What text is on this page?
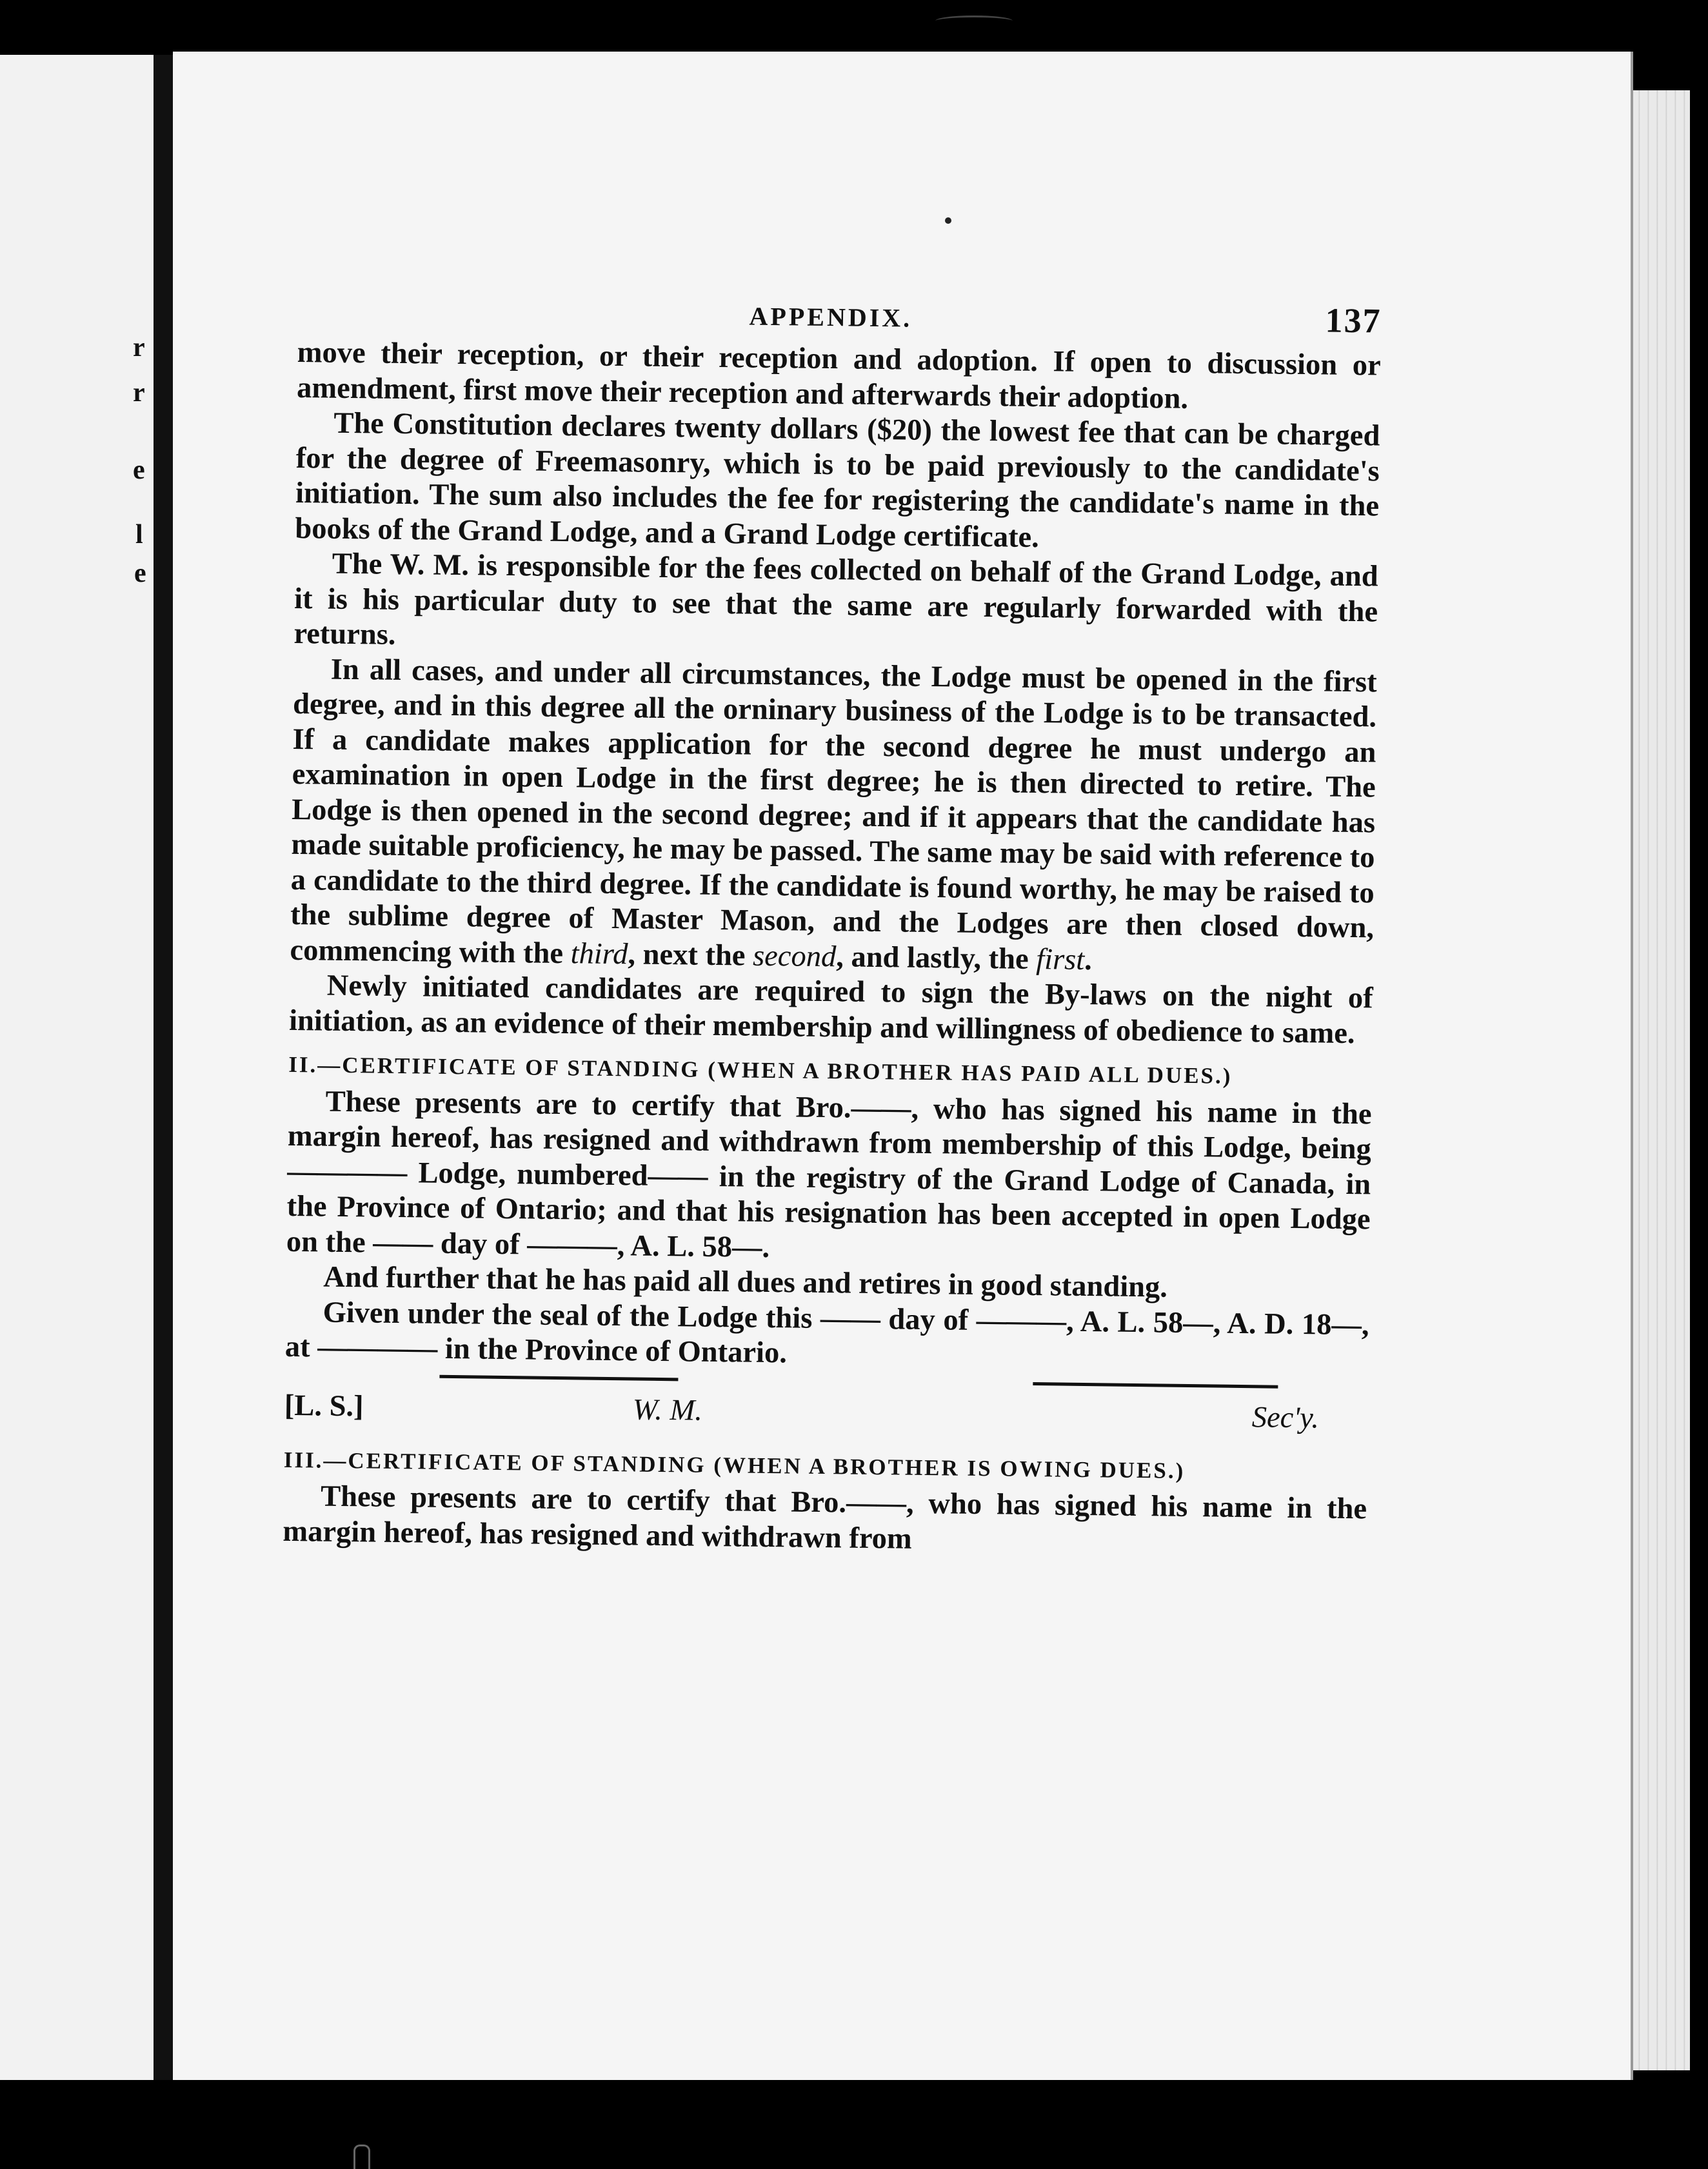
r
r
e
l
e
APPENDIX.	137

move their reception, or their reception and adoption. If open to discussion or amendment, first move their reception and afterwards their adoption.

The Constitution declares twenty dollars ($20) the lowest fee that can be charged for the degree of Freemasonry, which is to be paid previously to the candidate's initiation. The sum also includes the fee for registering the candidate's name in the books of the Grand Lodge, and a Grand Lodge certificate.

The W. M. is responsible for the fees collected on behalf of the Grand Lodge, and it is his particular duty to see that the same are regularly forwarded with the returns.

In all cases, and under all circumstances, the Lodge must be opened in the first degree, and in this degree all the orninary business of the Lodge is to be transacted. If a candidate makes application for the second degree he must undergo an examination in open Lodge in the first degree; he is then directed to retire. The Lodge is then opened in the second degree; and if it appears that the candidate has made suitable proficiency, he may be passed. The same may be said with reference to a candidate to the third degree. If the candidate is found worthy, he may be raised to the sublime degree of Master Mason, and the Lodges are then closed down, commencing with the third, next the second, and lastly, the first.

Newly initiated candidates are required to sign the By-laws on the night of initiation, as an evidence of their membership and willingness of obedience to same.

II.—CERTIFICATE OF STANDING (WHEN A BROTHER HAS PAID ALL DUES.)

These presents are to certify that Bro.——, who has signed his name in the margin hereof, has resigned and withdrawn from membership of this Lodge, being ———— Lodge, numbered—— in the registry of the Grand Lodge of Canada, in the Province of Ontario; and that his resignation has been accepted in open Lodge on the —— day of ———, A. L. 58—.

And further that he has paid all dues and retires in good standing.

Given under the seal of the Lodge this —— day of ———, A. L. 58—, A. D. 18—, at ———— in the Province of Ontario.

[L. S.]	W. M.	Sec'y.
III.—CERTIFICATE OF STANDING (WHEN A BROTHER IS OWING DUES.)

These presents are to certify that Bro.——, who has signed his name in the margin hereof, has resigned and withdrawn from
